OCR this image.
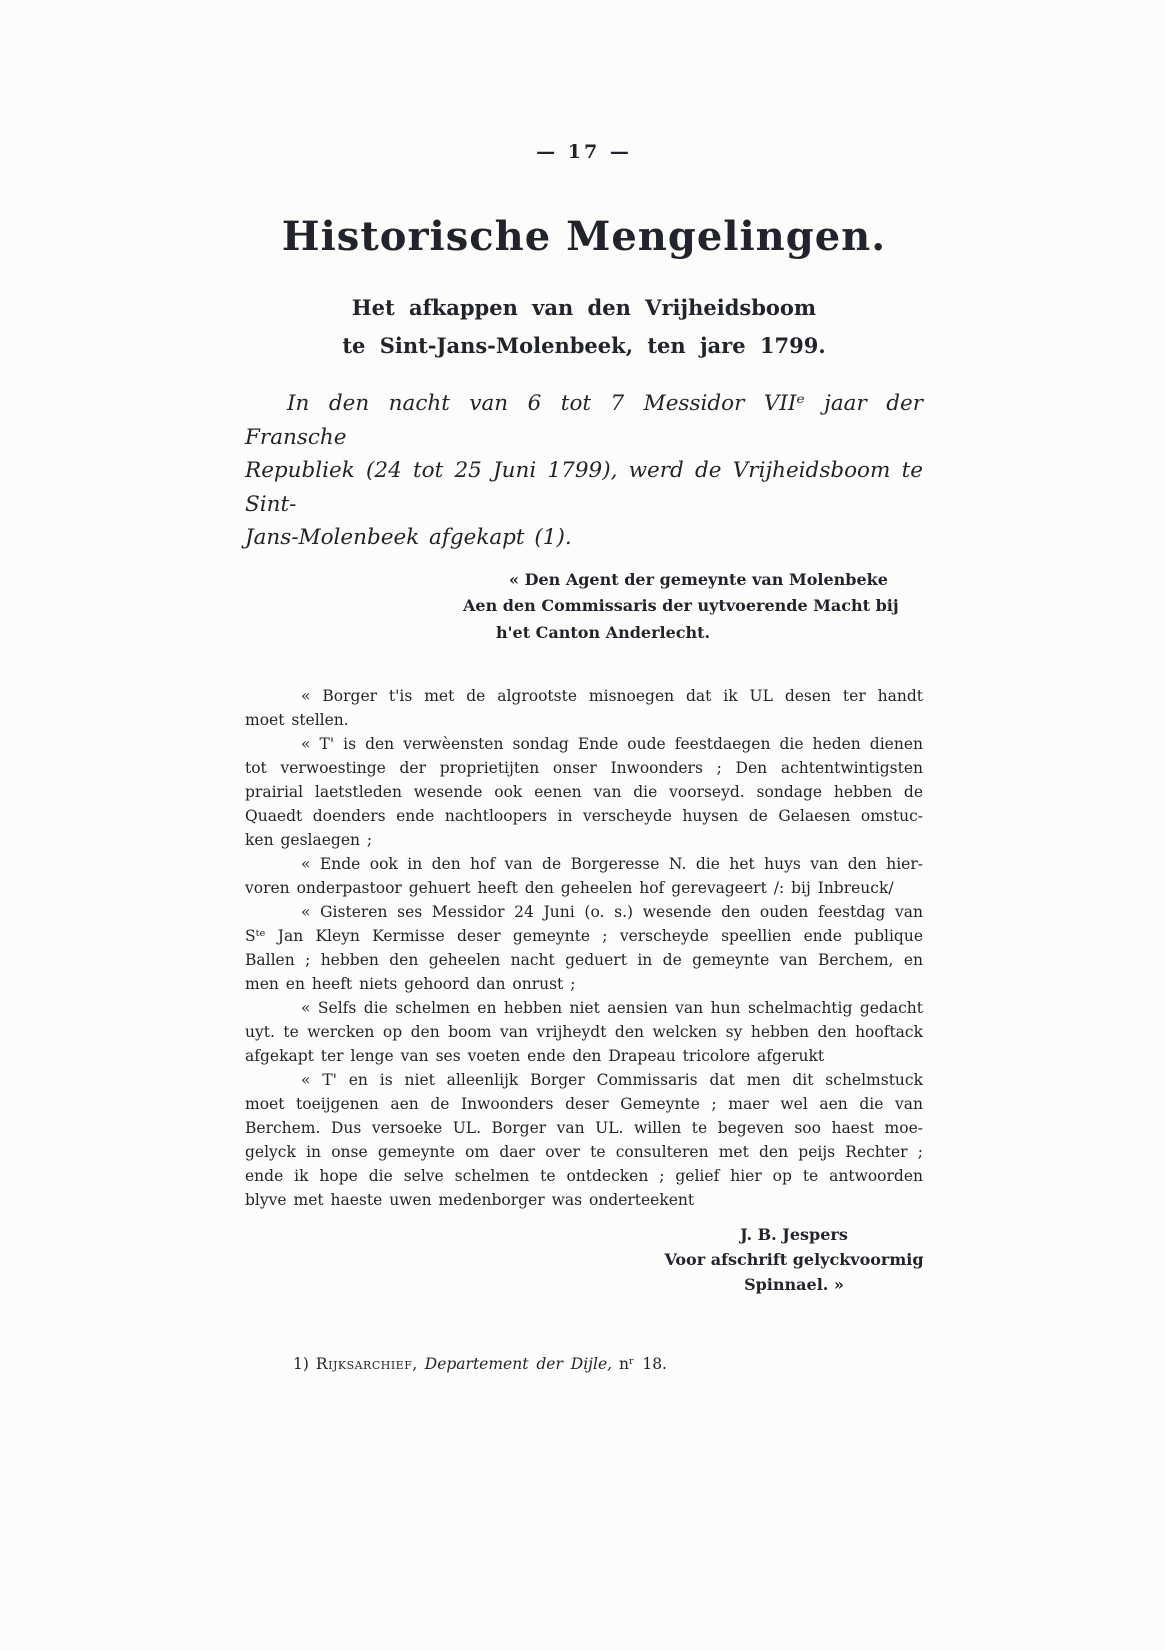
— 17 —
Historische Mengelingen.
Het afkappen van den Vrijheidsboom
te Sint-Jans-Molenbeek, ten jare 1799.
In den nacht van 6 tot 7 Messidor VIIᵉ jaar der Fransche
Republiek (24 tot 25 Juni 1799), werd de Vrijheidsboom te Sint-
Jans-Molenbeek afgekapt (1).
« Den Agent der gemeynte van Molenbeke
Aen den Commissaris der uytvoerende Macht bij
h'et Canton Anderlecht.
« Borger t'is met de algrootste misnoegen dat ik UL desen ter handt
moet stellen.
« T' is den verwèensten sondag Ende oude feestdaegen die heden dienen
tot verwoestinge der proprietijten onser Inwoonders ; Den achtentwintigsten
prairial laetstleden wesende ook eenen van die voorseyd. sondage hebben de
Quaedt doenders ende nachtloopers in verscheyde huysen de Gelaesen omstuc-
ken geslaegen ;
« Ende ook in den hof van de Borgeresse N. die het huys van den hier-
voren onderpastoor gehuert heeft den geheelen hof gerevageert /: bij Inbreuck/
« Gisteren ses Messidor 24 Juni (o. s.) wesende den ouden feestdag van
Sᵗᵉ Jan Kleyn Kermisse deser gemeynte ; verscheyde speellien ende publique
Ballen ; hebben den geheelen nacht geduert in de gemeynte van Berchem, en
men en heeft niets gehoord dan onrust ;
« Selfs die schelmen en hebben niet aensien van hun schelmachtig gedacht
uyt. te wercken op den boom van vrijheydt den welcken sy hebben den hooftack
afgekapt ter lenge van ses voeten ende den Drapeau tricolore afgerukt
« T' en is niet alleenlijk Borger Commissaris dat men dit schelmstuck
moet toeijgenen aen de Inwoonders deser Gemeynte ; maer wel aen die van
Berchem. Dus versoeke UL. Borger van UL. willen te begeven soo haest moe-
gelyck in onse gemeynte om daer over te consulteren met den peijs Rechter ;
ende ik hope die selve schelmen te ontdecken ; gelief hier op te antwoorden
blyve met haeste uwen medenborger was onderteekent
J. B. Jespers
Voor afschrift gelyckvoormig
Spinnael. »
1) Rijksarchief, Departement der Dijle, nʳ 18.
